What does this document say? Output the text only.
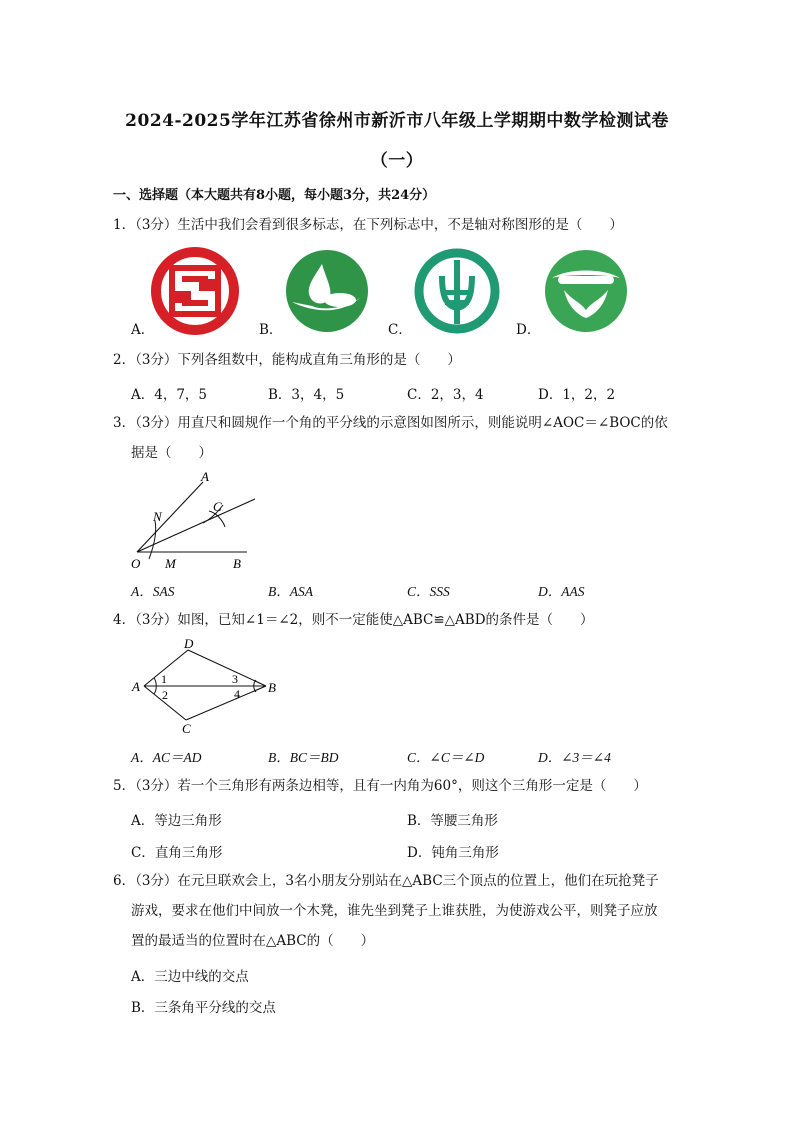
2024-2025学年江苏省徐州市新沂市八年级上学期期中数学检测试卷
（一）
一、选择题（本大题共有8小题，每小题3分，共24分）
1．（3分）生活中我们会看到很多标志，在下列标志中，不是轴对称图形的是（　　）
A．	B．	C．	D．
2．（3分）下列各组数中，能构成直角三角形的是（　　）
A．4，7，5	B．3，4，5	C．2，3，4	D．1，2，2
3．（3分）用直尺和圆规作一个角的平分线的示意图如图所示，则能说明∠AOC＝∠BOC的依
据是（　　）
A
N
C
O M	B
A．SAS	B．ASA	C．SSS	D．AAS
4．（3分）如图，已知∠1＝∠2，则不一定能使△ABC≌△ABD的条件是（　　）
A
D
B
C
1
2
3
4
A．AC＝AD	B．BC＝BD	C．∠C＝∠D	D．∠3＝∠4
5．（3分）若一个三角形有两条边相等，且有一内角为60°，则这个三角形一定是（　　）
A．等边三角形	B．等腰三角形
C．直角三角形	D．钝角三角形
6．（3分）在元旦联欢会上，3名小朋友分别站在△ABC三个顶点的位置上，他们在玩抢凳子
游戏，要求在他们中间放一个木凳，谁先坐到凳子上谁获胜，为使游戏公平，则凳子应放
置的最适当的位置时在△ABC的（　　）
A．三边中线的交点
B．三条角平分线的交点
